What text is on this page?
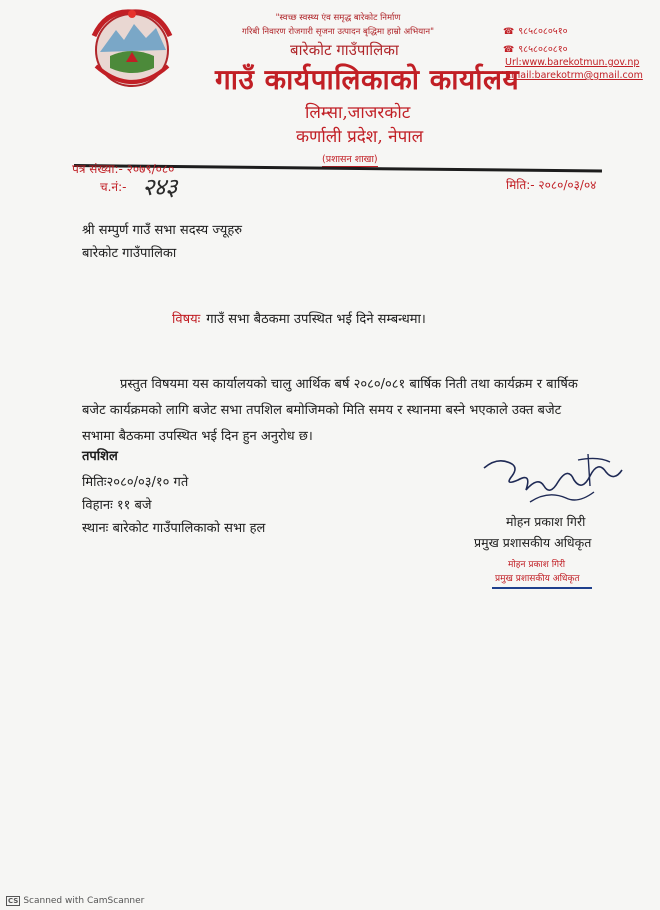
"स्वच्छ स्वस्थ्य एंव समृद्ध बारेकोट निर्माण
गरिबी निवारण रोजगारी सृजना उत्पादन बृद्धिमा हाम्रो अभियान"
बारेकोट गाउँपालिका
गाउँ कार्यपालिकाको कार्यालय
लिम्सा,जाजरकोट
कर्णाली प्रदेश, नेपाल
(प्रशासन शाखा)
☎ ९८५८०८०५१०
☎ ९८५८०८०८१०
Url:www.barekotmun.gov.np
Email:barekotrm@gmail.com
पत्र संख्या:- २०७९/०८०
च.नं:- २४३	मिति:- २०८०/०३/०४
श्री सम्पुर्ण गाउँ सभा सदस्य ज्यूहरु
बारेकोट गाउँपालिका
विषयः गाउँ सभा बैठकमा उपस्थित भई दिने सम्बन्धमा।
प्रस्तुत विषयमा यस कार्यालयको चालु आर्थिक बर्ष २०८०/०८१ बार्षिक निती तथा कार्यक्रम र बार्षिक बजेट कार्यक्रमको लागि बजेट सभा तपशिल बमोजिमको मिति समय र स्थानमा बस्ने भएकाले उक्त बजेट सभामा बैठकमा उपस्थित भई दिन हुन अनुरोध छ।
तपशिल
मितिः२०८०/०३/१० गते
विहानः ११ बजे
स्थानः बारेकोट गाउँपालिकाको सभा हल	मोहन प्रकाश गिरी
प्रमुख प्रशासकीय अधिकृत
मोहन प्रकाश गिरी
प्रमुख प्रशासकीय अधिकृत
CS Scanned with CamScanner
